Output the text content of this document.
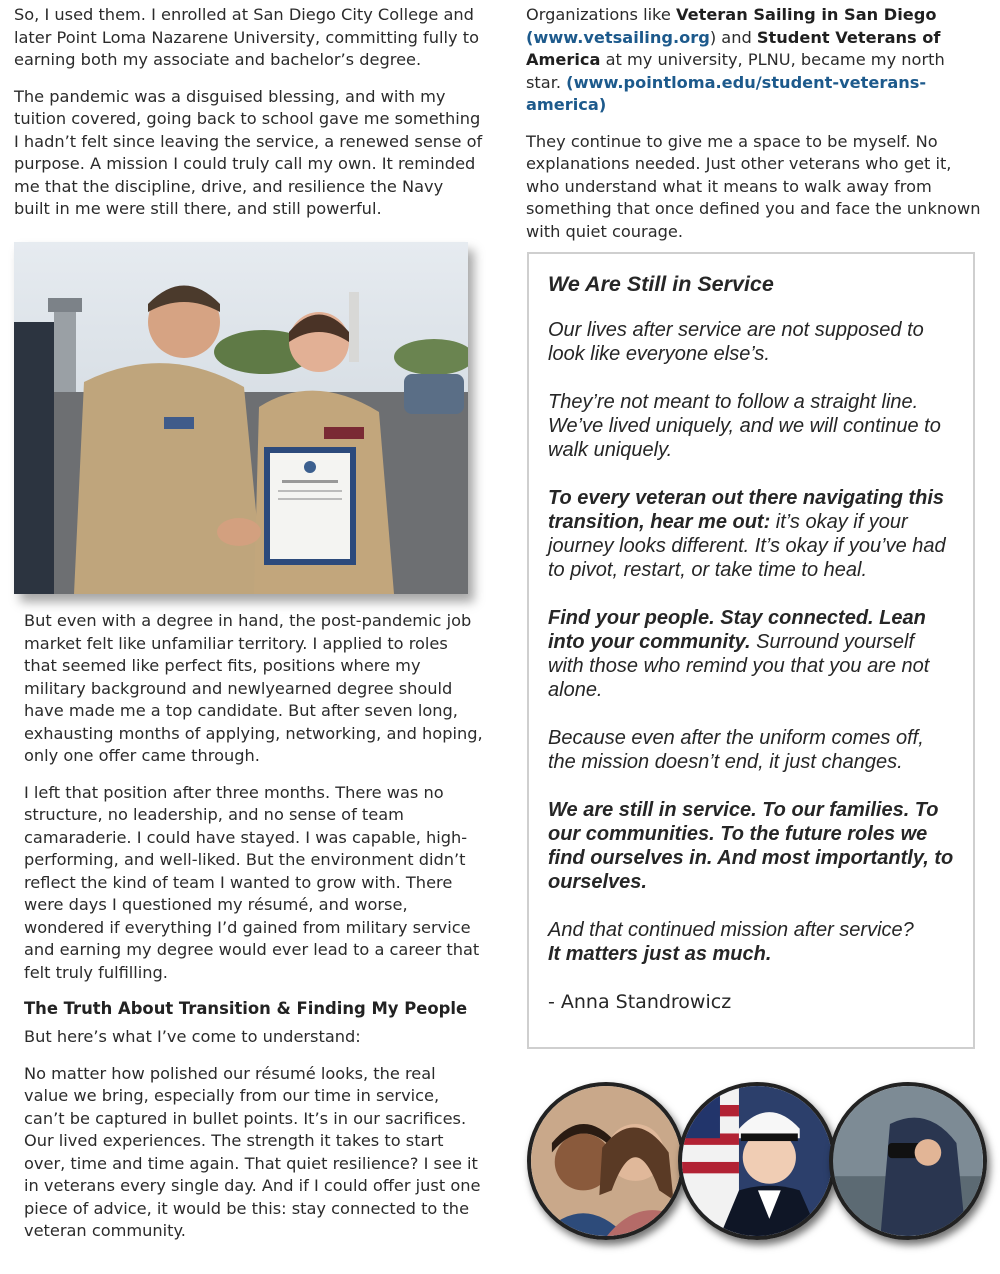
So, I used them. I enrolled at San Diego City College and later Point Loma Nazarene University, committing fully to earning both my associate and bachelor’s degree.

The pandemic was a disguised blessing, and with my tuition covered, going back to school gave me something I hadn’t felt since leaving the service, a renewed sense of purpose. A mission I could truly call my own. It reminded me that the discipline, drive, and resilience the Navy built in me were still there, and still powerful.

But even with a degree in hand, the post-pandemic job market felt like unfamiliar territory. I applied to roles that seemed like perfect fits, positions where my military background and newlyearned degree should have made me a top candidate. But after seven long, exhausting months of applying, networking, and hoping, only one offer came through.

I left that position after three months. There was no structure, no leadership, and no sense of team camaraderie. I could have stayed. I was capable, high-performing, and well-liked. But the environment didn’t reflect the kind of team I wanted to grow with. There were days I questioned my résumé, and worse, wondered if everything I’d gained from military service and earning my degree would ever lead to a career that felt truly fulfilling.

The Truth About Transition & Finding My People

But here’s what I’ve come to understand:

No matter how polished our résumé looks, the real value we bring, especially from our time in service, can’t be captured in bullet points. It’s in our sacrifices. Our lived experiences. The strength it takes to start over, time and time again. That quiet resilience? I see it in veterans every single day. And if I could offer just one piece of advice, it would be this: stay connected to the veteran community.

Organizations like Veteran Sailing in San Diego (www.vetsailing.org) and Student Veterans of America at my university, PLNU, became my north star. (www.pointloma.edu/student-veterans-america)

They continue to give me a space to be myself. No explanations needed. Just other veterans who get it, who understand what it means to walk away from something that once defined you and face the unknown with quiet courage.

We Are Still in Service

Our lives after service are not supposed to look like everyone else’s.

They’re not meant to follow a straight line. We’ve lived uniquely, and we will continue to walk uniquely.

To every veteran out there navigating this transition, hear me out: it’s okay if your journey looks different. It’s okay if you’ve had to pivot, restart, or take time to heal.

Find your people. Stay connected. Lean into your community. Surround yourself with those who remind you that you are not alone.

Because even after the uniform comes off, the mission doesn’t end, it just changes.

We are still in service. To our families. To our communities. To the future roles we find ourselves in. And most importantly, to ourselves.

And that continued mission after service?
It matters just as much.

- Anna Standrowicz
